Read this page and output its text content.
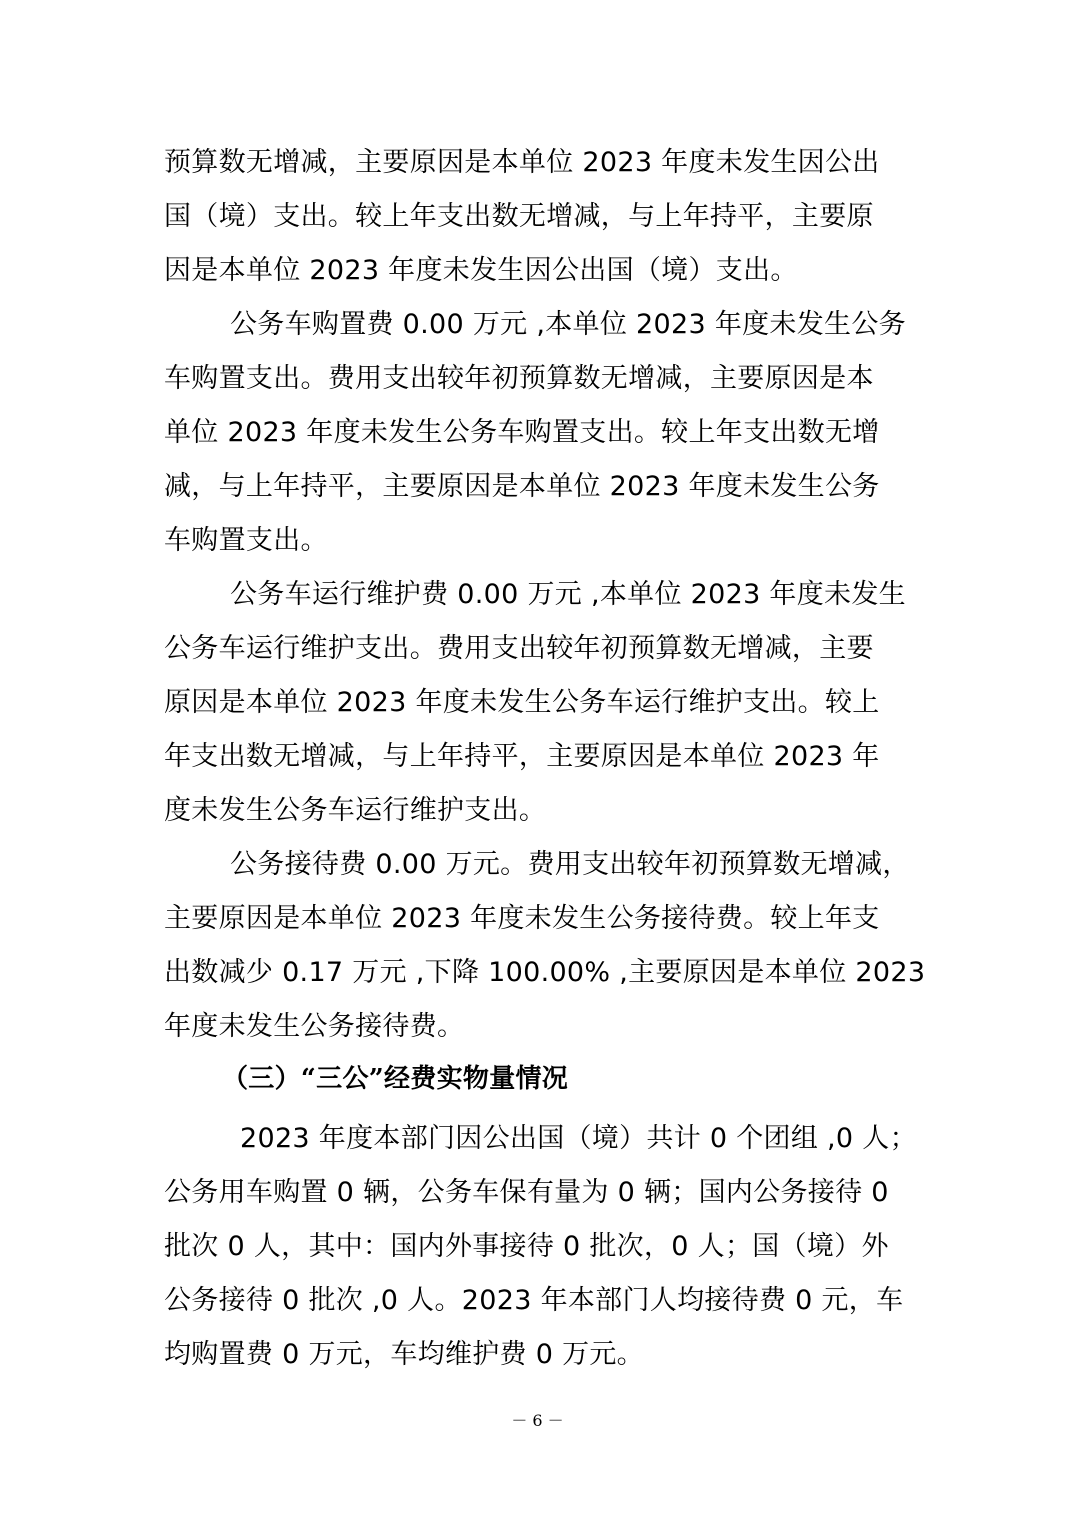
预算数无增减，主要原因是本单位 2023 年度未发生因公出
国（境）支出。较上年支出数无增减，与上年持平，主要原
因是本单位 2023 年度未发生因公出国（境）支出。
公务车购置费 0.00 万元 ,本单位 2023 年度未发生公务
车购置支出。费用支出较年初预算数无增减，主要原因是本
单位 2023 年度未发生公务车购置支出。较上年支出数无增
减，与上年持平，主要原因是本单位 2023 年度未发生公务
车购置支出。
公务车运行维护费 0.00 万元 ,本单位 2023 年度未发生
公务车运行维护支出。费用支出较年初预算数无增减，主要
原因是本单位 2023 年度未发生公务车运行维护支出。较上
年支出数无增减，与上年持平，主要原因是本单位 2023 年
度未发生公务车运行维护支出。
公务接待费 0.00 万元。费用支出较年初预算数无增减，
主要原因是本单位 2023 年度未发生公务接待费。较上年支
出数减少 0.17 万元 ,下降 100.00% ,主要原因是本单位 2023
年度未发生公务接待费。
（三）“三公”经费实物量情况
2023 年度本部门因公出国（境）共计 0 个团组 ,0 人；
公务用车购置 0 辆，公务车保有量为 0 辆；国内公务接待 0
批次 0 人，其中：国内外事接待 0 批次，0 人；国（境）外
公务接待 0 批次 ,0 人。2023 年本部门人均接待费 0 元，车
均购置费 0 万元，车均维护费 0 万元。
－ 6 －
